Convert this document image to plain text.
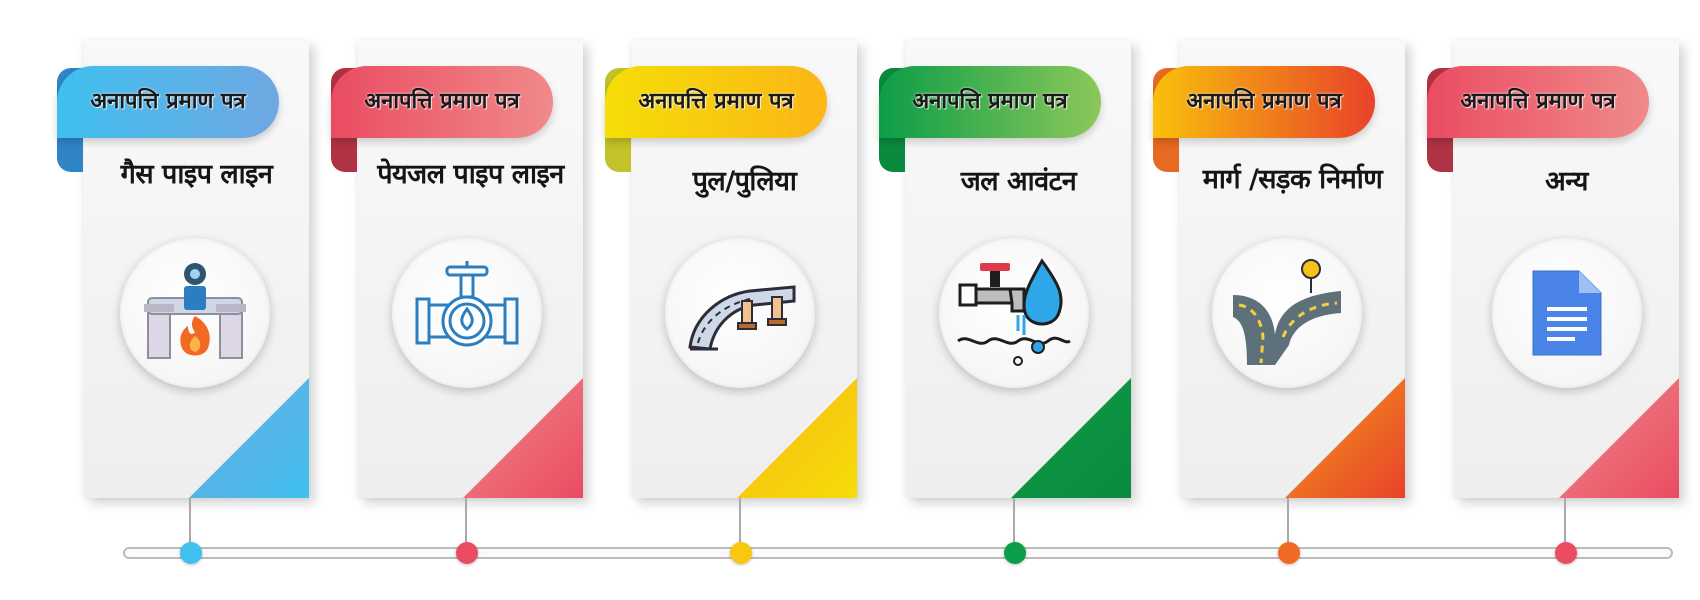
अनापत्ति प्रमाण पत्र
गैस पाइप लाइन
अनापत्ति प्रमाण पत्र
पेयजल पाइप लाइन
अनापत्ति प्रमाण पत्र
पुल/पुलिया
अनापत्ति प्रमाण पत्र
जल आवंटन
अनापत्ति प्रमाण पत्र
मार्ग /सड़क निर्माण
अनापत्ति प्रमाण पत्र
अन्य
